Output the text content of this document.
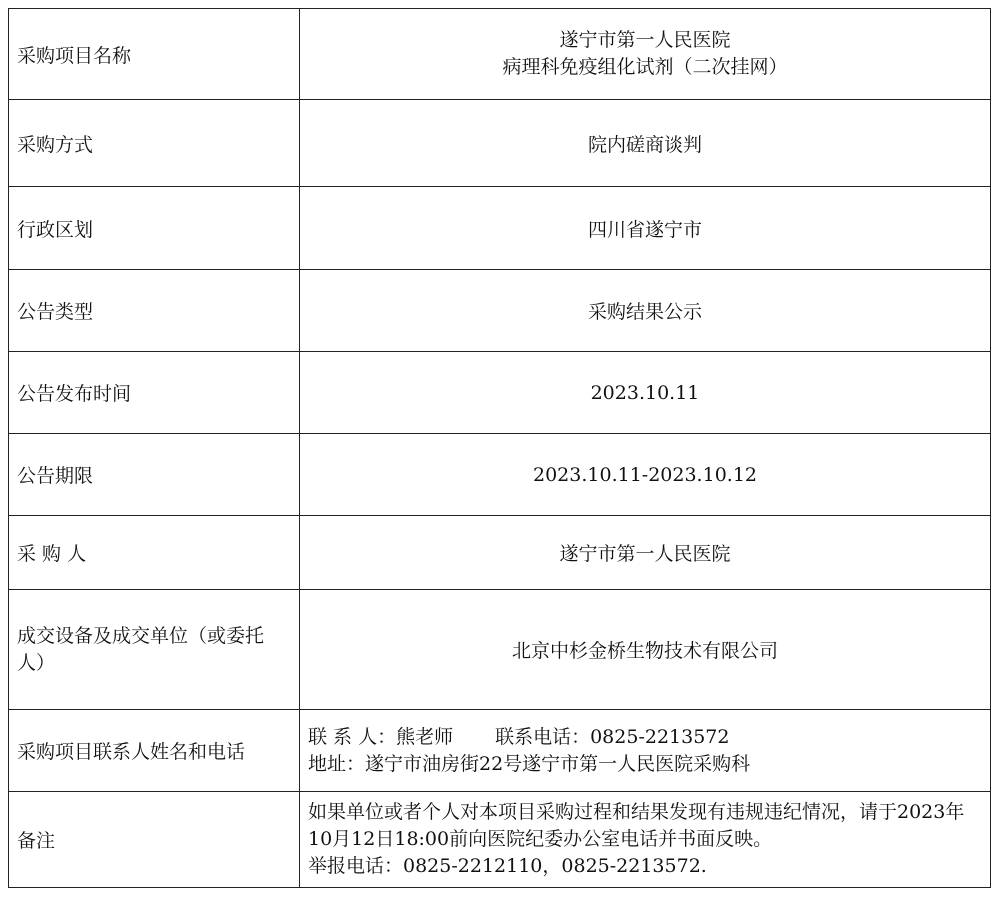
采购项目名称	遂宁市第一人民医院
病理科免疫组化试剂（二次挂网）

采购方式	院内磋商谈判
行政区划	四川省遂宁市
公告类型	采购结果公示
公告发布时间	2023.10.11
公告期限	2023.10.11-2023.10.12
采 购 人	遂宁市第一人民医院

成交设备及成交单位（或委托人）	北京中杉金桥生物技术有限公司
采购项目联系人姓名和电话	联 系 人：熊老师 联系电话：0825-2213572
地址：遂宁市油房街22号遂宁市第一人民医院采购科

备注	如果单位或者个人对本项目采购过程和结果发现有违规违纪情况，请于2023年10月12日18:00前向医院纪委办公室电话并书面反映。
举报电话：0825-2212110，0825-2213572.
